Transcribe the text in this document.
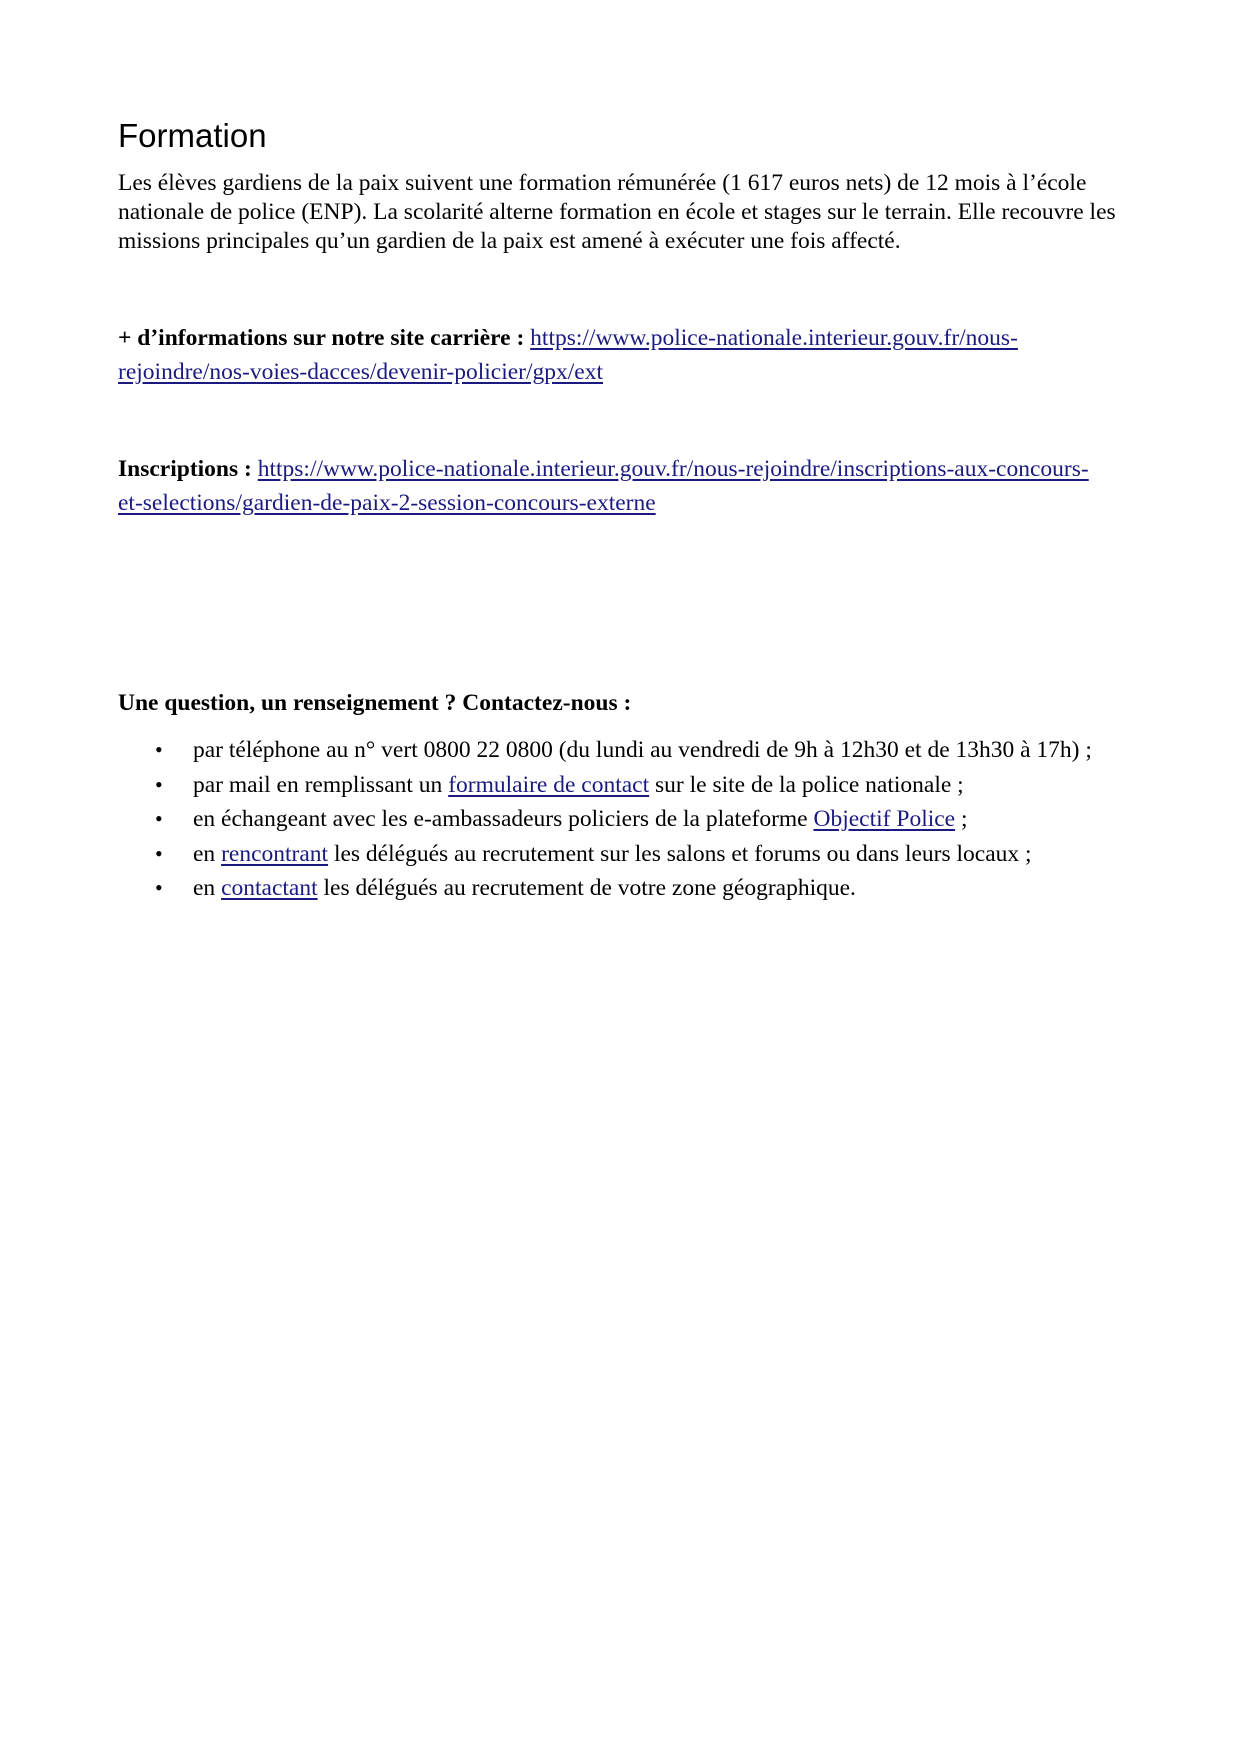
Formation

Les élèves gardiens de la paix suivent une formation rémunérée (1 617 euros nets) de 12 mois à l’école nationale de police (ENP). La scolarité alterne formation en école et stages sur le terrain. Elle recouvre les missions principales qu’un gardien de la paix est amené à exécuter une fois affecté.

+ d’informations sur notre site carrière : https://www.police-nationale.interieur.gouv.fr/nous-
rejoindre/nos-voies-dacces/devenir-policier/gpx/ext

Inscriptions : https://www.police-nationale.interieur.gouv.fr/nous-rejoindre/inscriptions-aux-concours-
et-selections/gardien-de-paix-2-session-concours-externe

Une question, un renseignement ? Contactez-nous :

• par téléphone au n° vert 0800 22 0800 (du lundi au vendredi de 9h à 12h30 et de 13h30 à 17h) ;
• par mail en remplissant un formulaire de contact sur le site de la police nationale ;
• en échangeant avec les e-ambassadeurs policiers de la plateforme Objectif Police ;
• en rencontrant les délégués au recrutement sur les salons et forums ou dans leurs locaux ;
• en contactant les délégués au recrutement de votre zone géographique.
